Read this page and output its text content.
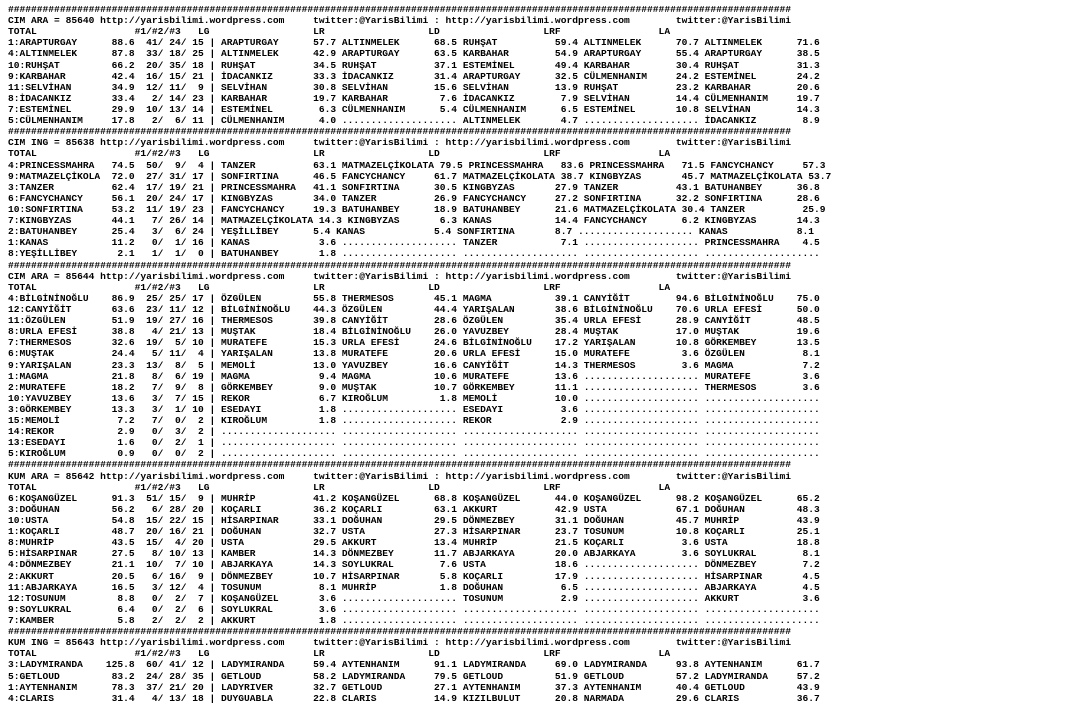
########################################################################################################################################
CIM ARA = 85640 http://yarisbilimi.wordpress.com     twitter:@YarisBilimi : http://yarisbilimi.wordpress.com        twitter:@YarisBilimi
TOTAL                 #1/#2/#3   LG                  LR                  LD                  LRF                 LA
1:ARAPTURGAY      88.6  41/ 24/ 15 | ARAPTURGAY      57.7 ALTINMELEK      68.5 RUHŞAT          59.4 ALTINMELEK      70.7 ALTINMELEK      71.6
4:ALTINMELEK      87.8  33/ 18/ 25 | ALTINMELEK      42.9 ARAPTURGAY      63.5 KARBAHAR        54.9 ARAPTURGAY      55.4 ARAPTURGAY      38.5
10:RUHŞAT         66.2  20/ 35/ 18 | RUHŞAT          34.5 RUHŞAT          37.1 ESTEMİNEL       49.4 KARBAHAR        30.4 RUHŞAT          31.3
9:KARBAHAR        42.4  16/ 15/ 21 | İDACANKIZ       33.3 İDACANKIZ       31.4 ARAPTURGAY      32.5 CÜLMENHANIM     24.2 ESTEMİNEL       24.2
11:SELVİHAN       34.9  12/ 11/  9 | SELVİHAN        30.8 SELVİHAN        15.6 SELVİHAN        13.9 RUHŞAT          23.2 KARBAHAR        20.6
8:İDACANKIZ       33.4   2/ 14/ 23 | KARBAHAR        19.7 KARBAHAR         7.6 İDACANKIZ        7.9 SELVİHAN        14.4 CÜLMENHANIM     19.7
7:ESTEMİNEL       29.9  10/ 13/ 14 | ESTEMİNEL        6.3 CÜLMENHANIM      5.4 CÜLMENHANIM      6.5 ESTEMİNEL       10.8 SELVİHAN        14.3
5:CÜLMENHANIM     17.8   2/  6/ 11 | CÜLMENHANIM      4.0 .................... ALTINMELEK       4.7 .................... İDACANKIZ        8.9
########################################################################################################################################
CIM ING = 85638 http://yarisbilimi.wordpress.com     twitter:@YarisBilimi : http://yarisbilimi.wordpress.com        twitter:@YarisBilimi
TOTAL                 #1/#2/#3   LG                  LR                  LD                  LRF                 LA
4:PRINCESSMAHRA   74.5  50/  9/  4 | TANZER          63.1 MATMAZELÇİKOLATA 79.5 PRINCESSMAHRA   83.6 PRINCESSMAHRA   71.5 FANCYCHANCY     57.3
9:MATMAZELÇİKOLA  72.0  27/ 31/ 17 | SONFIRTINA      46.5 FANCYCHANCY     61.7 MATMAZELÇİKOLATA 38.7 KINGBYZAS       45.7 MATMAZELÇİKOLATA 53.7
3:TANZER          62.4  17/ 19/ 21 | PRINCESSMAHRA   41.1 SONFIRTINA      30.5 KINGBYZAS       27.9 TANZER          43.1 BATUHANBEY      36.8
6:FANCYCHANCY     56.1  20/ 24/ 17 | KINGBYZAS       34.0 TANZER          26.9 FANCYCHANCY     27.2 SONFIRTINA      32.2 SONFIRTINA      28.6
10:SONFIRTINA     53.2  11/ 19/ 23 | FANCYCHANCY     19.3 BATUHANBEY      18.9 BATUHANBEY      21.6 MATMAZELÇİKOLATA 30.4 TANZER          25.9
7:KINGBYZAS       44.1   7/ 26/ 14 | MATMAZELÇİKOLATA 14.3 KINGBYZAS       6.3 KANAS           14.4 FANCYCHANCY      6.2 KINGBYZAS       14.3
2:BATUHANBEY      25.4   3/  6/ 24 | YEŞİLLİBEY      5.4 KANAS            5.4 SONFIRTINA       8.7 .................... KANAS            8.1
1:KANAS           11.2   0/  1/ 16 | KANAS            3.6 .................... TANZER           7.1 .................... PRINCESSMAHRA    4.5
8:YEŞİLLİBEY       2.1   1/  1/  0 | BATUHANBEY       1.8 .................... .................... .................... ....................
########################################################################################################################################
CIM ARA = 85644 http://yarisbilimi.wordpress.com     twitter:@YarisBilimi : http://yarisbilimi.wordpress.com        twitter:@YarisBilimi
TOTAL                 #1/#2/#3   LG                  LR                  LD                  LRF                 LA
4:BİLGİNİNOĞLU    86.9  25/ 25/ 17 | ÖZGÜLEN         55.8 THERMESOS       45.1 MAGMA           39.1 CANYİĞİT        94.6 BİLGİNİNOĞLU    75.0
12:CANYİĞİT       63.6  23/ 11/ 12 | BİLGİNİNOĞLU    44.3 ÖZGÜLEN         44.4 YARIŞALAN       38.6 BİLGİNİNOĞLU    70.6 URLA EFESİ      50.0
11:ÖZGÜLEN        51.9  19/ 27/ 16 | THERMESOS       39.8 CANYİĞİT        28.6 ÖZGÜLEN         35.4 URLA EFESİ      28.9 CANYİĞİT        48.5
8:URLA EFESİ      38.8   4/ 21/ 13 | MUŞTAK          18.4 BİLGİNİNOĞLU    26.0 YAVUZBEY        28.4 MUŞTAK          17.0 MUŞTAK          19.6
7:THERMESOS       32.6  19/  5/ 10 | MURATEFE        15.3 URLA EFESİ      24.6 BİLGİNİNOĞLU    17.2 YARIŞALAN       10.8 GÖRKEMBEY       13.5
6:MUŞTAK          24.4   5/ 11/  4 | YARIŞALAN       13.8 MURATEFE        20.6 URLA EFESİ      15.0 MURATEFE         3.6 ÖZGÜLEN          8.1
9:YARIŞALAN       23.3  13/  8/  5 | MEMOLİ          13.0 YAVUZBEY        16.6 CANYİĞİT        14.3 THERMESOS        3.6 MAGMA            7.2
1:MAGMA           21.8   8/  6/ 19 | MAGMA            9.4 MAGMA           10.6 MURATEFE        13.6 .................... MURATEFE         3.6
2:MURATEFE        18.2   7/  9/  8 | GÖRKEMBEY        9.0 MUŞTAK          10.7 GÖRKEMBEY       11.1 .................... THERMESOS        3.6
10:YAVUZBEY       13.6   3/  7/ 15 | REKOR            6.7 KIROĞLUM         1.8 MEMOLİ          10.0 .................... ....................
3:GÖRKEMBEY       13.3   3/  1/ 10 | ESEDAYI          1.8 .................... ESEDAYI          3.6 .................... ....................
15:MEMOLİ          7.2   7/  0/  2 | KIROĞLUM         1.8 .................... REKOR            2.9 .................... ....................
14:REKOR           2.9   0/  3/  2 | .................... .................... .................... .................... ....................
13:ESEDAYI         1.6   0/  2/  1 | .................... .................... .................... .................... ....................
5:KIROĞLUM         0.9   0/  0/  2 | .................... .................... .................... .................... ....................
########################################################################################################################################
KUM ARA = 85642 http://yarisbilimi.wordpress.com     twitter:@YarisBilimi : http://yarisbilimi.wordpress.com        twitter:@YarisBilimi
TOTAL                 #1/#2/#3   LG                  LR                  LD                  LRF                 LA
6:KOŞANGÜZEL      91.3  51/ 15/  9 | MUHRİP          41.2 KOŞANGÜZEL      68.8 KOŞANGÜZEL      44.0 KOŞANGÜZEL      98.2 KOŞANGÜZEL      65.2
3:DOĞUHAN         56.2   6/ 28/ 20 | KOÇARLI         36.2 KOÇARLI         63.1 AKKURT          42.9 USTA            67.1 DOĞUHAN         48.3
10:USTA           54.8  15/ 22/ 15 | HİSARPINAR      33.1 DOĞUHAN         29.5 DÖNMEZBEY       31.1 DOĞUHAN         45.7 MUHRİP          43.9
1:KOÇARLI         48.7  20/ 16/ 21 | DOĞUHAN         32.7 USTA            27.3 HİSARPINAR      23.7 TOSUNUM         10.8 KOÇARLI         25.1
8:MUHRİP          43.5  15/  4/ 20 | USTA            29.5 AKKURT          13.4 MUHRİP          21.5 KOÇARLI          3.6 USTA            18.8
5:HİSARPINAR      27.5   8/ 10/ 13 | KAMBER          14.3 DÖNMEZBEY       11.7 ABJARKAYA       20.0 ABJARKAYA        3.6 SOYLUKRAL        8.1
4:DÖNMEZBEY       21.1  10/  7/ 10 | ABJARKAYA       14.3 SOYLUKRAL        7.6 USTA            18.6 .................... DÖNMEZBEY        7.2
2:AKKURT          20.5   6/ 16/  9 | DÖNMEZBEY       10.7 HİSARPINAR       5.8 KOÇARLI         17.9 .................... HİSARPINAR       4.5
11:ABJARKAYA      16.5   3/ 12/  4 | TOSUNUM          8.1 MUHRİP           1.8 DOĞUHAN          6.5 .................... ABJARKAYA        4.5
12:TOSUNUM         8.8   0/  2/  7 | KOŞANGÜZEL       3.6 .................... TOSUNUM          2.9 .................... AKKURT           3.6
9:SOYLUKRAL        6.4   0/  2/  6 | SOYLUKRAL        3.6 .................... .................... .................... ....................
7:KAMBER           5.8   2/  2/  2 | AKKURT           1.8 .................... .................... .................... ....................
########################################################################################################################################
KUM ING = 85643 http://yarisbilimi.wordpress.com     twitter:@YarisBilimi : http://yarisbilimi.wordpress.com        twitter:@YarisBilimi
TOTAL                 #1/#2/#3   LG                  LR                  LD                  LRF                 LA
3:LADYMIRANDA    125.8  60/ 41/ 12 | LADYMIRANDA     59.4 AYTENHANIM      91.1 LADYMIRANDA     69.0 LADYMIRANDA     93.8 AYTENHANIM      61.7
5:GETLOUD         83.2  24/ 28/ 35 | GETLOUD         58.2 LADYMIRANDA     79.5 GETLOUD         51.9 GETLOUD         57.2 LADYMIRANDA     57.2
1:AYTENHANIM      78.3  37/ 21/ 20 | LADYRIVER       32.7 GETLOUD         27.1 AYTENHANIM      37.3 AYTENHANIM      40.4 GETLOUD         43.9
4:CLARIS          31.4   4/ 13/ 18 | DUYGUABLA       22.8 CLARIS          14.9 KIZILBULUT      20.8 NARMADA         29.6 CLARIS          36.7
